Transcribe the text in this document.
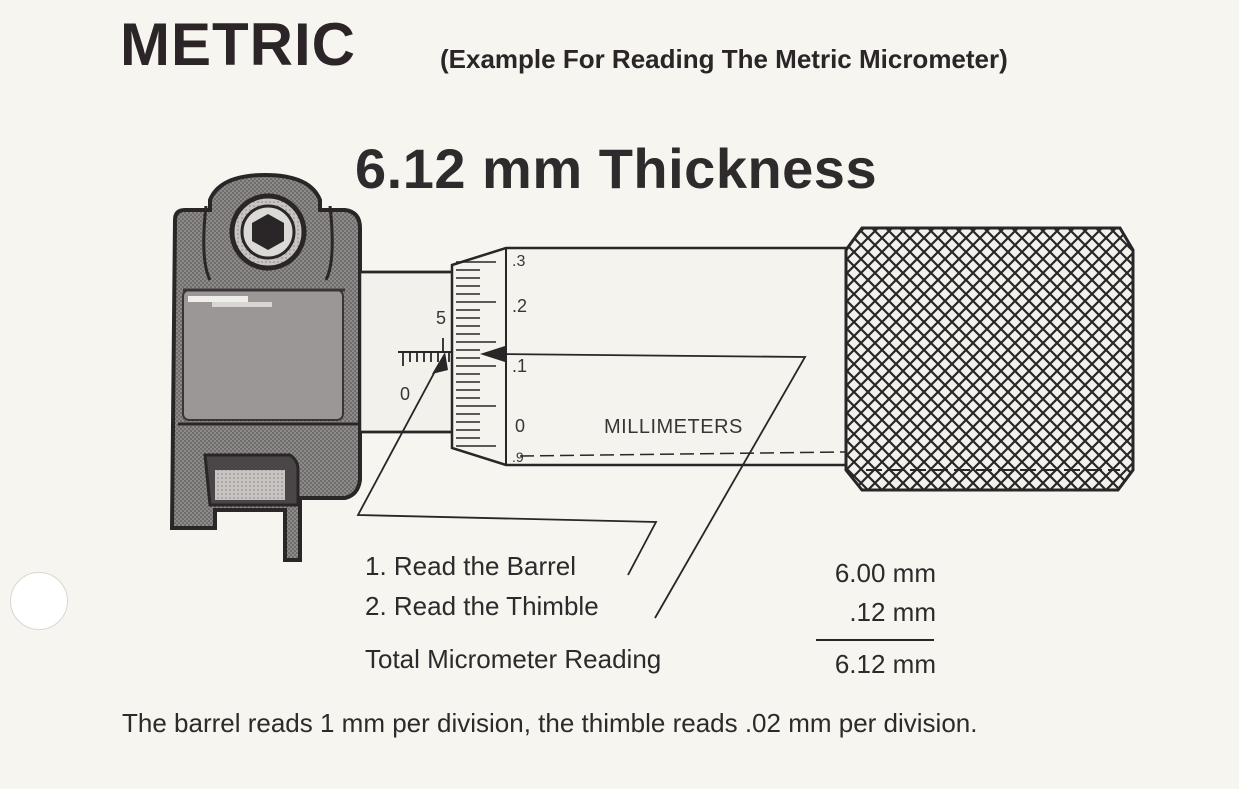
METRIC	(Example For Reading The Metric Micrometer)
6.12 mm Thickness
5
0
.3
.2
.1
0
.9
MILLIMETERS
1. Read the Barrel	6.00 mm
2. Read the Thimble	.12 mm
Total Micrometer Reading	6.12 mm
The barrel reads 1 mm per division, the thimble reads .02 mm per division.
